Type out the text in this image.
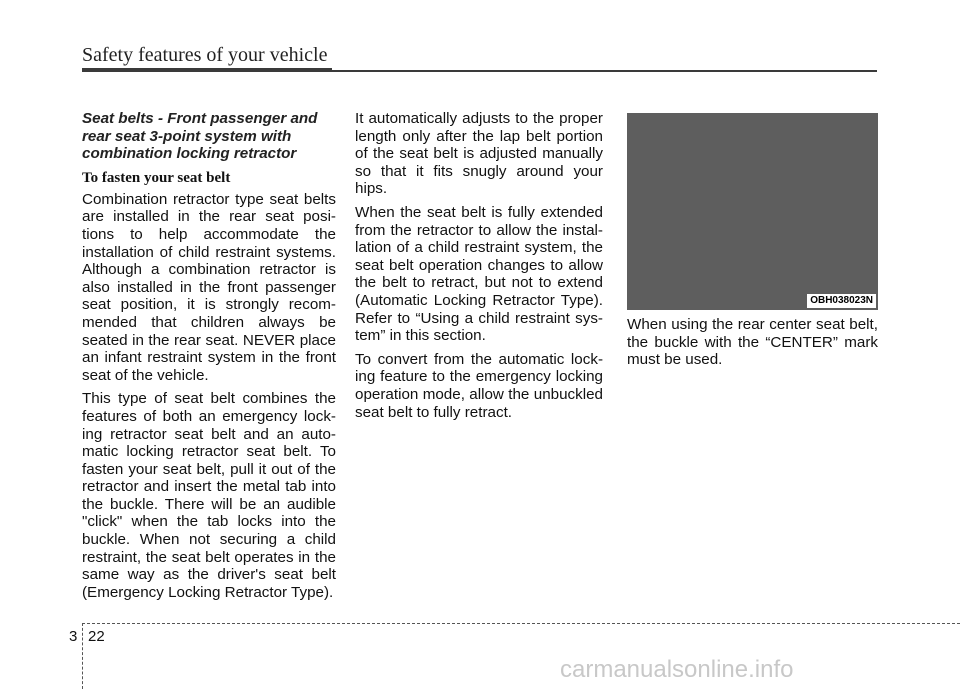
Safety features of your vehicle
Seat belts - Front passenger and rear seat 3-point system with combination locking retractor
To fasten your seat belt

Combination retractor type seat belts are installed in the rear seat posi-tions to help accommodate the installation of child restraint systems. Although a combination retractor is also installed in the front passenger seat position, it is strongly recom-mended that children always be seated in the rear seat. NEVER place an infant restraint system in the front seat of the vehicle.

This type of seat belt combines the features of both an emergency lock-ing retractor seat belt and an auto-matic locking retractor seat belt. To fasten your seat belt, pull it out of the retractor and insert the metal tab into the buckle. There will be an audible "click" when the tab locks into the buckle. When not securing a child restraint, the seat belt operates in the same way as the driver's seat belt (Emergency Locking Retractor Type).

It automatically adjusts to the proper length only after the lap belt portion of the seat belt is adjusted manually so that it fits snugly around your hips.

When the seat belt is fully extended from the retractor to allow the instal-lation of a child restraint system, the seat belt operation changes to allow the belt to retract, but not to extend (Automatic Locking Retractor Type). Refer to “Using a child restraint sys-tem” in this section.

To convert from the automatic lock-ing feature to the emergency locking operation mode, allow the unbuckled seat belt to fully retract.

OBH038023N

When using the rear center seat belt, the buckle with the “CENTER” mark must be used.

3 22
carmanualsonline.info
